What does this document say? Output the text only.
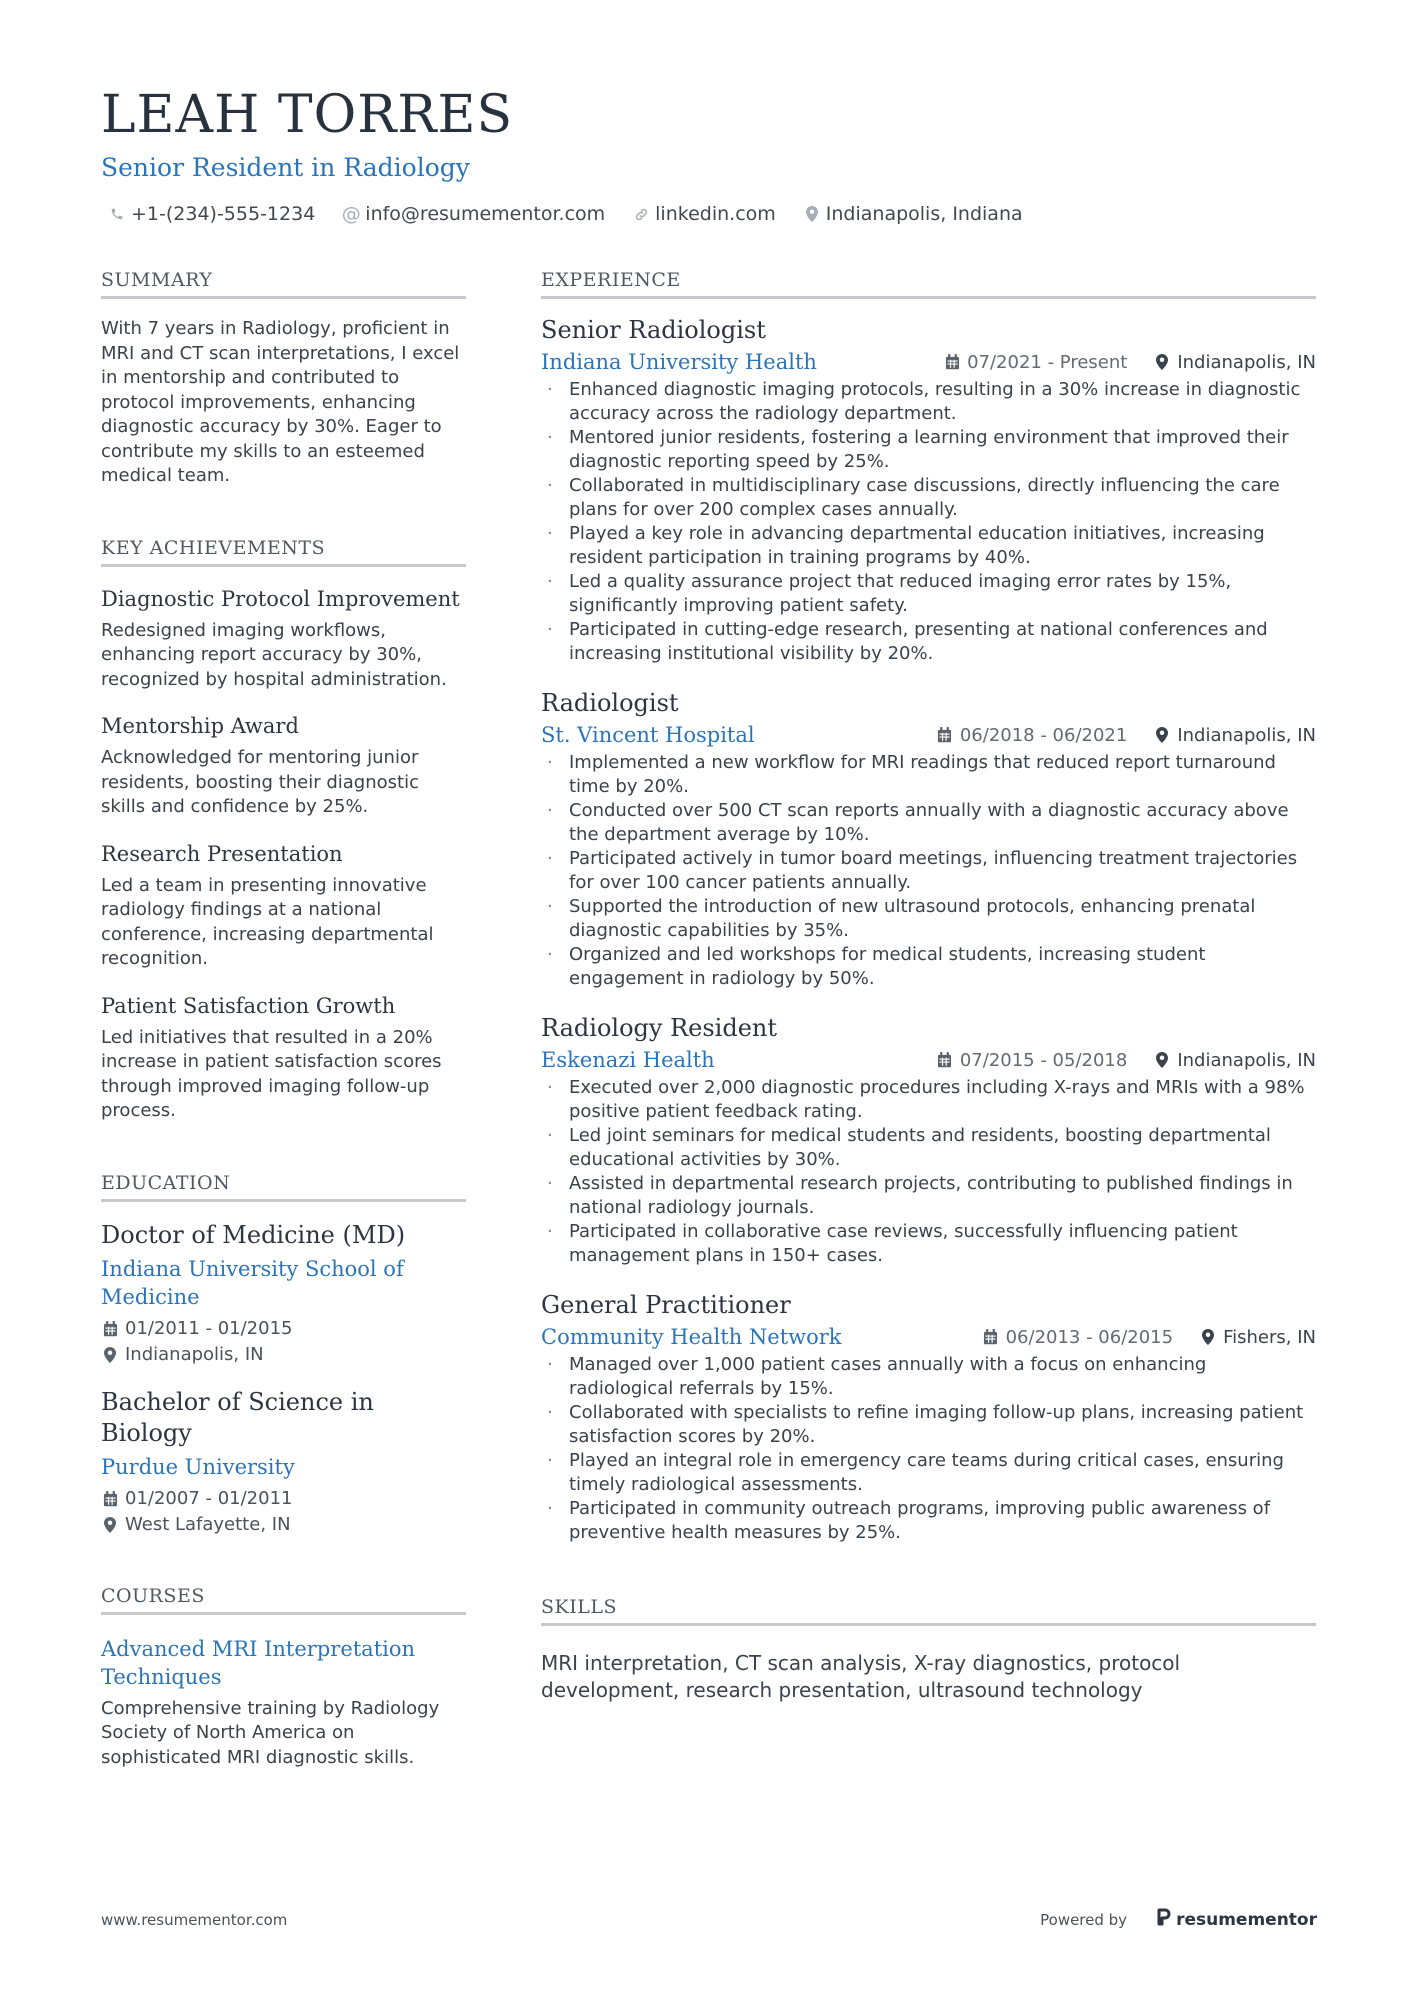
LEAH TORRES
Senior Resident in Radiology
+1-(234)-555-1234 @ info@resumementor.com	linkedin.com	Indianapolis, Indiana
SUMMARY

With 7 years in Radiology, proficient in MRI and CT scan interpretations, I excel in mentorship and contributed to protocol improvements, enhancing diagnostic accuracy by 30%. Eager to contribute my skills to an esteemed medical team.

KEY ACHIEVEMENTS
Diagnostic Protocol Improvement

Redesigned imaging workflows, enhancing report accuracy by 30%, recognized by hospital administration.

Mentorship Award

Acknowledged for mentoring junior residents, boosting their diagnostic skills and confidence by 25%.

Research Presentation

Led a team in presenting innovative radiology findings at a national conference, increasing departmental recognition.

Patient Satisfaction Growth

Led initiatives that resulted in a 20% increase in patient satisfaction scores through improved imaging follow-up process.

EDUCATION
Doctor of Medicine (MD)
Indiana University School of Medicine
01/2011 - 01/2015
Indianapolis, IN
Bachelor of Science in Biology
Purdue University
01/2007 - 01/2011
West Lafayette, IN
COURSES
Advanced MRI Interpretation Techniques

Comprehensive training by Radiology Society of North America on sophisticated MRI diagnostic skills.

EXPERIENCE
Senior Radiologist
Indiana University Health	07/2021 - Present	Indianapolis, IN
· Enhanced diagnostic imaging protocols, resulting in a 30% increase in diagnostic accuracy across the radiology department.
· Mentored junior residents, fostering a learning environment that improved their diagnostic reporting speed by 25%.
· Collaborated in multidisciplinary case discussions, directly influencing the care plans for over 200 complex cases annually.
· Played a key role in advancing departmental education initiatives, increasing resident participation in training programs by 40%.
· Led a quality assurance project that reduced imaging error rates by 15%, significantly improving patient safety.
· Participated in cutting-edge research, presenting at national conferences and increasing institutional visibility by 20%.
Radiologist
St. Vincent Hospital	06/2018 - 06/2021	Indianapolis, IN
· Implemented a new workflow for MRI readings that reduced report turnaround time by 20%.
· Conducted over 500 CT scan reports annually with a diagnostic accuracy above the department average by 10%.
· Participated actively in tumor board meetings, influencing treatment trajectories for over 100 cancer patients annually.
· Supported the introduction of new ultrasound protocols, enhancing prenatal diagnostic capabilities by 35%.
· Organized and led workshops for medical students, increasing student engagement in radiology by 50%.
Radiology Resident
Eskenazi Health	07/2015 - 05/2018	Indianapolis, IN
· Executed over 2,000 diagnostic procedures including X-rays and MRIs with a 98% positive patient feedback rating.
· Led joint seminars for medical students and residents, boosting departmental educational activities by 30%.
· Assisted in departmental research projects, contributing to published findings in national radiology journals.
· Participated in collaborative case reviews, successfully influencing patient management plans in 150+ cases.
General Practitioner
Community Health Network	06/2013 - 06/2015	Fishers, IN
· Managed over 1,000 patient cases annually with a focus on enhancing radiological referrals by 15%.
· Collaborated with specialists to refine imaging follow-up plans, increasing patient satisfaction scores by 20%.
· Played an integral role in emergency care teams during critical cases, ensuring timely radiological assessments.
· Participated in community outreach programs, improving public awareness of preventive health measures by 25%.
SKILLS

MRI interpretation, CT scan analysis, X-ray diagnostics, protocol development, research presentation, ultrasound technology

www.resumementor.com	Powered by	resumementor
